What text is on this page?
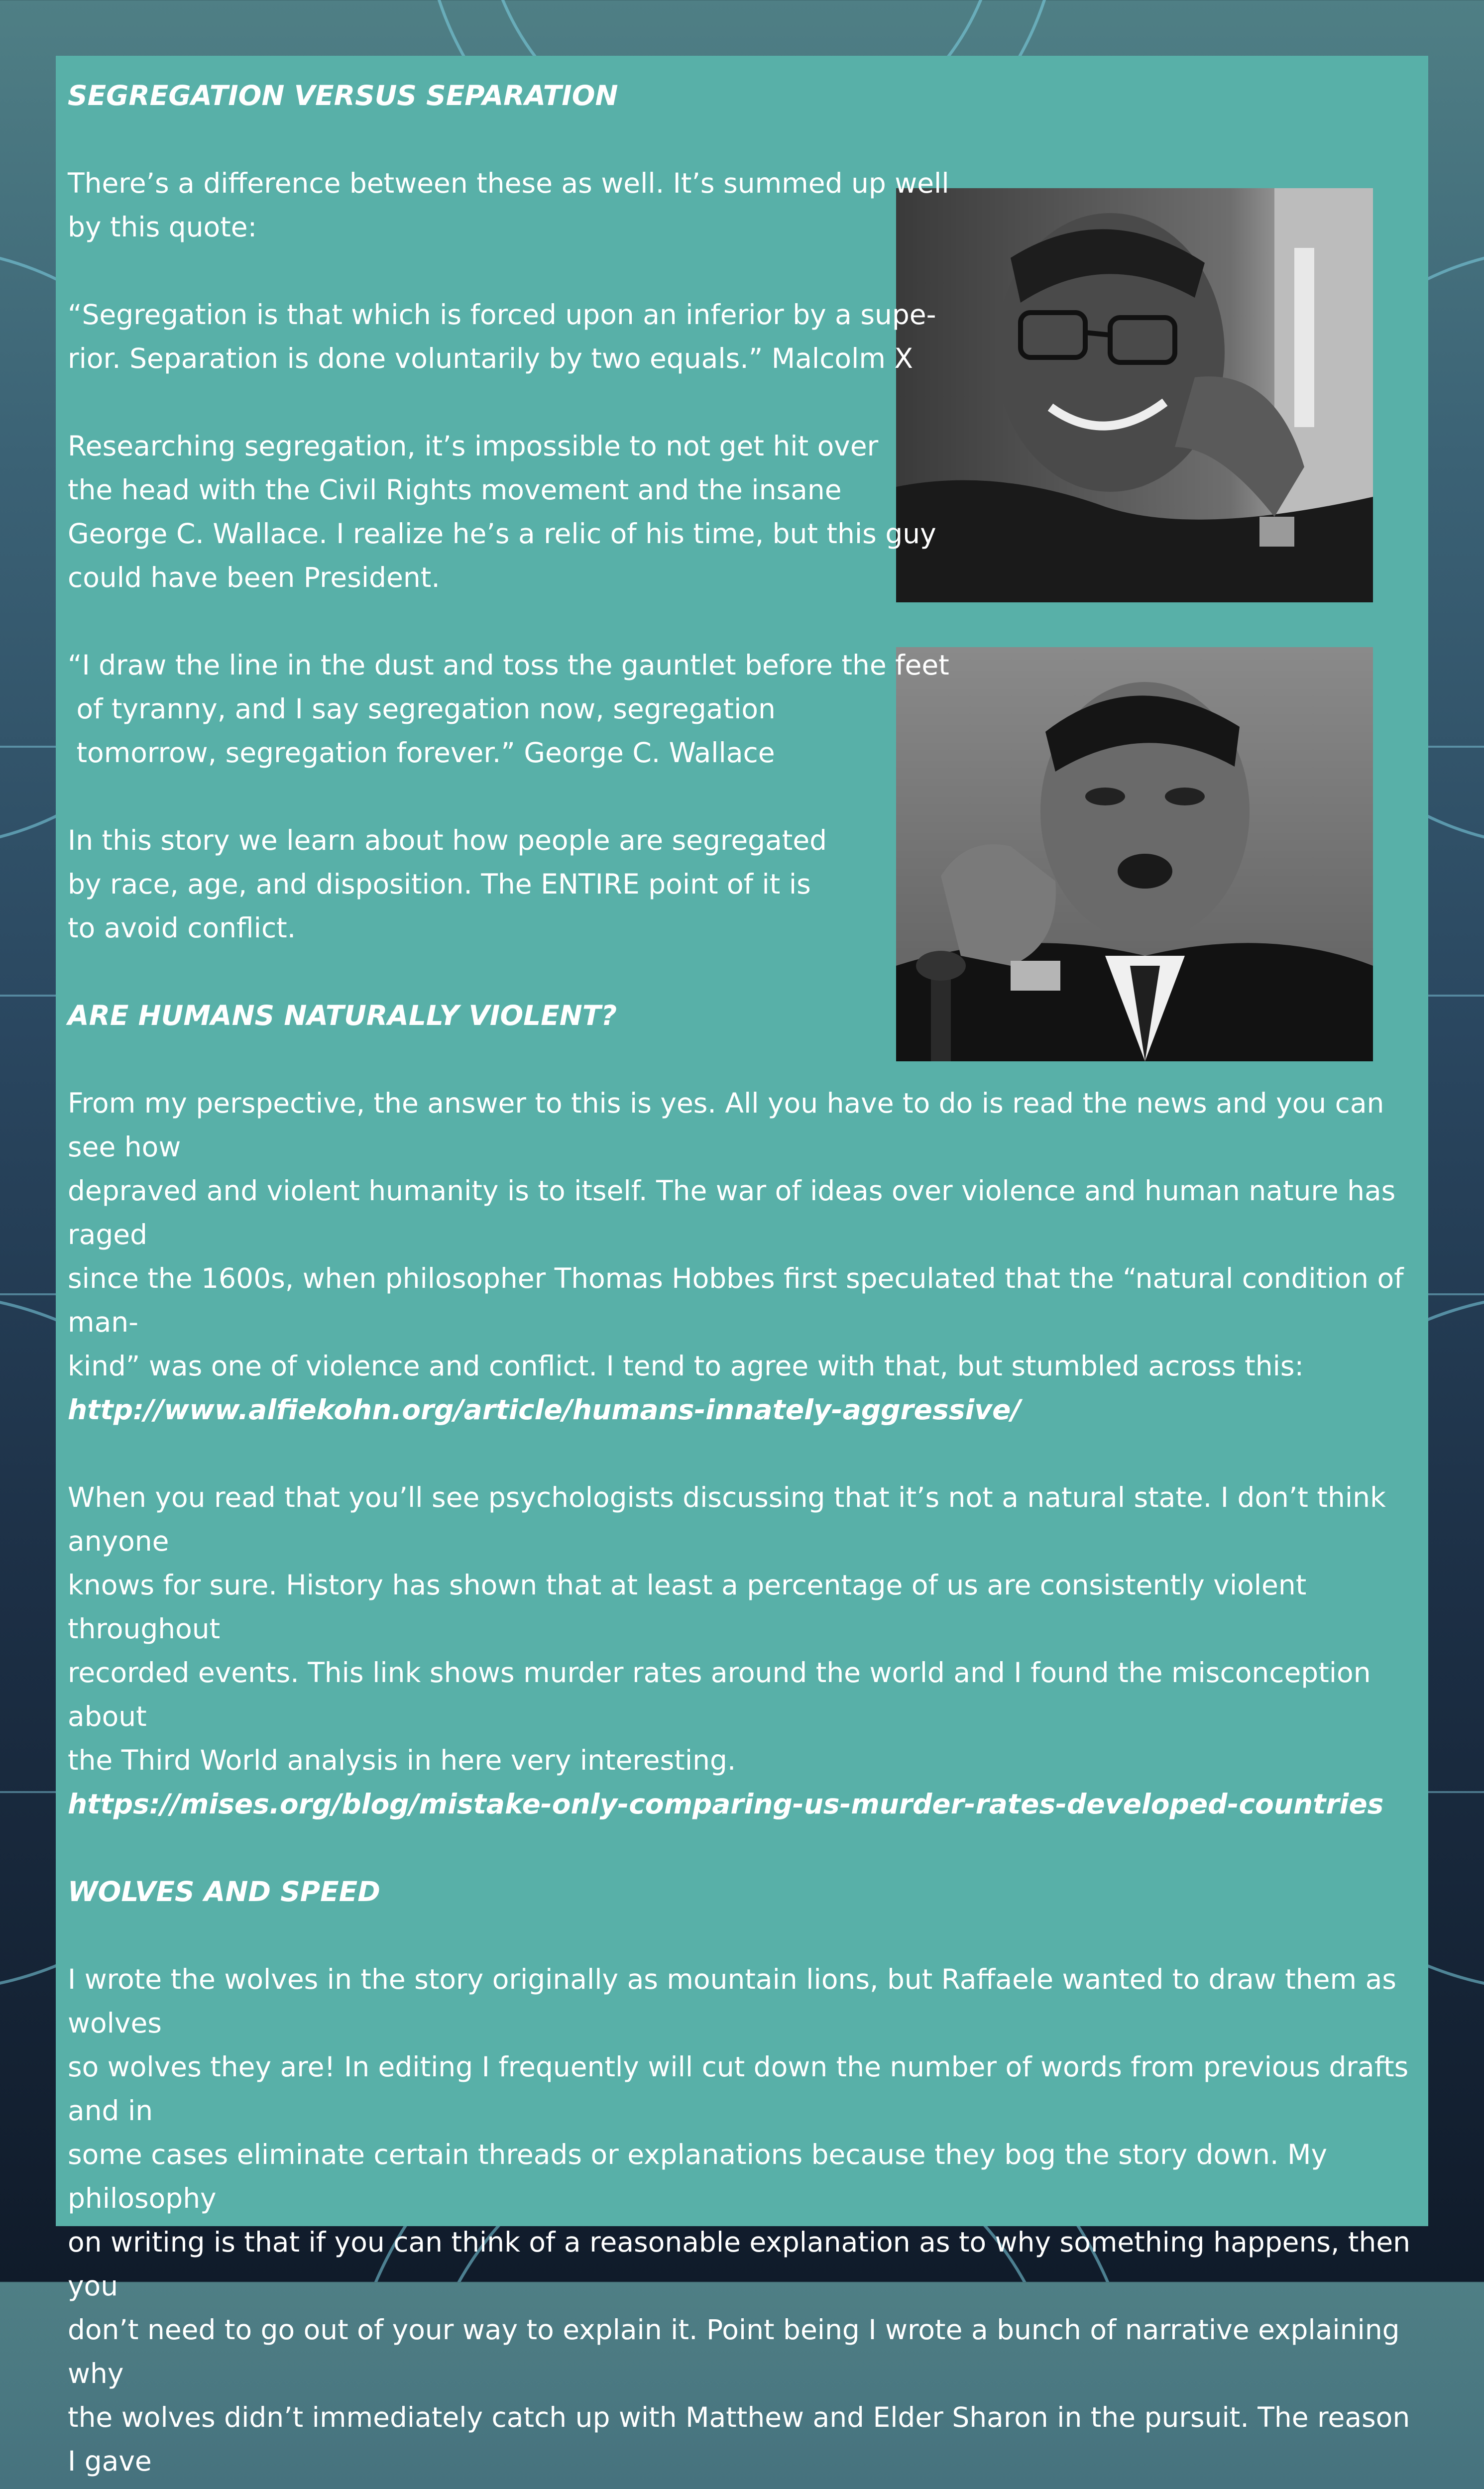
SEGREGATION VERSUS SEPARATION

There’s a difference between these as well. It’s summed up well

by this quote:

“Segregation is that which is forced upon an inferior by a supe-

rior. Separation is done voluntarily by two equals.” Malcolm X

Researching segregation, it’s impossible to not get hit over

the head with the Civil Rights movement and the insane

George C. Wallace. I realize he’s a relic of his time, but this guy

could have been President.

“I draw the line in the dust and toss the gauntlet before the feet

of tyranny, and I say segregation now, segregation

tomorrow, segregation forever.” George C. Wallace

In this story we learn about how people are segregated

by race, age, and disposition. The ENTIRE point of it is

to avoid conflict.

ARE HUMANS NATURALLY VIOLENT?

From my perspective, the answer to this is yes. All you have to do is read the news and you can see how

depraved and violent humanity is to itself. The war of ideas over violence and human nature has raged

since the 1600s, when philosopher Thomas Hobbes first speculated that the “natural condition of man-

kind” was one of violence and conflict. I tend to agree with that, but stumbled across this:

http://www.alfiekohn.org/article/humans-innately-aggressive/

When you read that you’ll see psychologists discussing that it’s not a natural state. I don’t think anyone

knows for sure. History has shown that at least a percentage of us are consistently violent throughout

recorded events. This link shows murder rates around the world and I found the misconception about

the Third World analysis in here very interesting.

https://mises.org/blog/mistake-only-comparing-us-murder-rates-developed-countries

WOLVES AND SPEED

I wrote the wolves in the story originally as mountain lions, but Raffaele wanted to draw them as wolves

so wolves they are! In editing I frequently will cut down the number of words from previous drafts and in

some cases eliminate certain threads or explanations because they bog the story down. My philosophy

on writing is that if you can think of a reasonable explanation as to why something happens, then you

don’t need to go out of your way to explain it. Point being I wrote a bunch of narrative explaining why

the wolves didn’t immediately catch up with Matthew and Elder Sharon in the pursuit. The reason I gave
